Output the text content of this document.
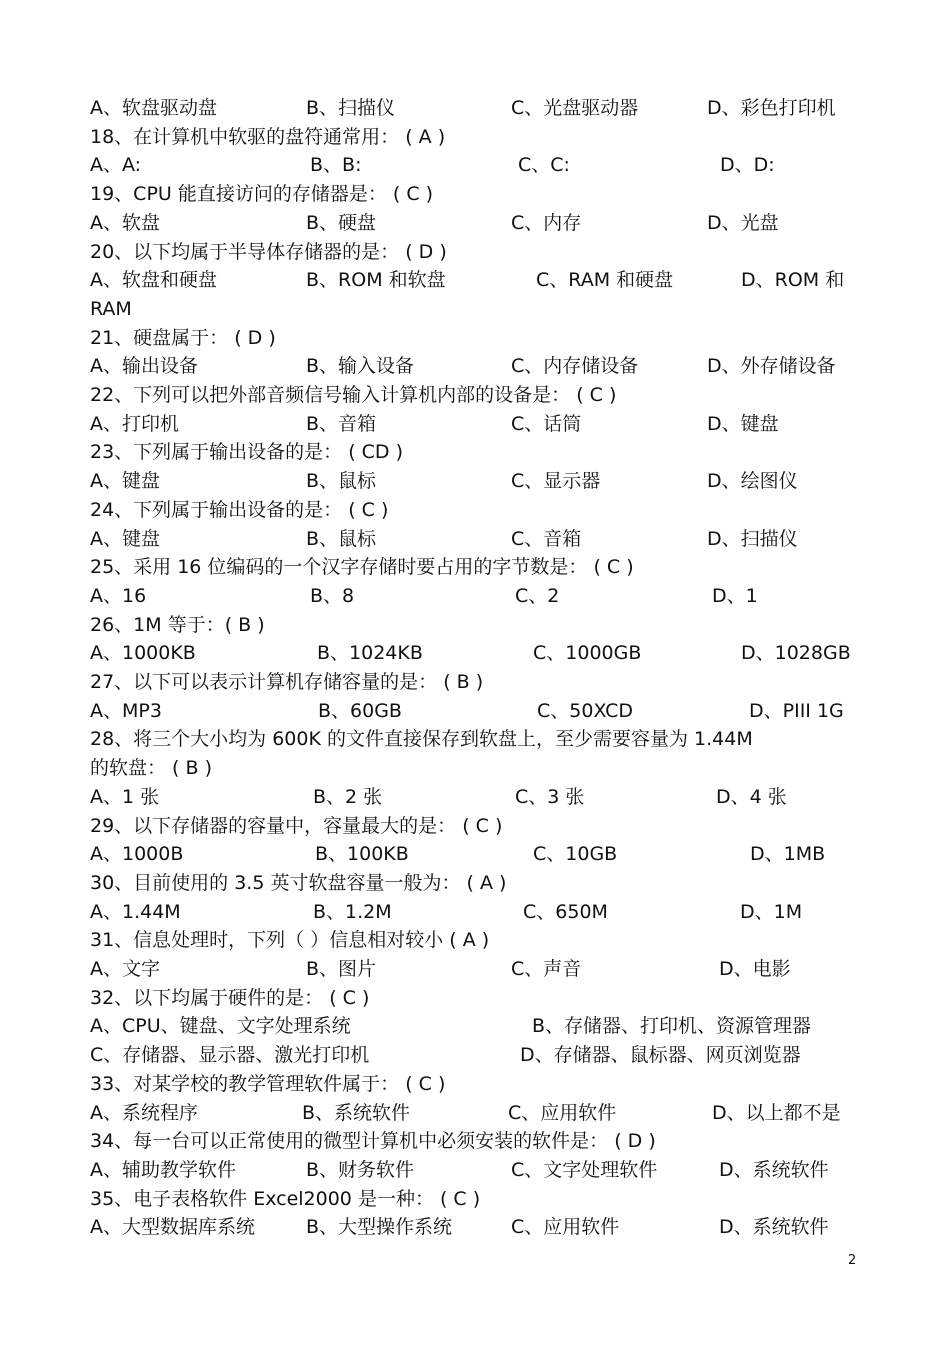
A、软盘驱动盘	B、扫描仪	C、光盘驱动器	D、彩色打印机
18、在计算机中软驱的盘符通常用： ( A )
A、A:	B、B:	C、C:	D、D:
19、CPU 能直接访问的存储器是： ( C )
A、软盘	B、硬盘	C、内存	D、光盘
20、以下均属于半导体存储器的是： ( D )
A、软盘和硬盘	B、ROM 和软盘	C、RAM 和硬盘	D、ROM 和
RAM
21、硬盘属于： ( D )
A、输出设备	B、输入设备	C、内存储设备	D、外存储设备
22、下列可以把外部音频信号输入计算机内部的设备是： ( C )
A、打印机	B、音箱	C、话筒	D、键盘
23、下列属于输出设备的是： ( CD )
A、键盘	B、鼠标	C、显示器	D、绘图仪
24、下列属于输出设备的是： ( C )
A、键盘	B、鼠标	C、音箱	D、扫描仪
25、采用 16 位编码的一个汉字存储时要占用的字节数是： ( C )
A、16	B、8	C、2	D、1
26、1M 等于：( B )
A、1000KB	B、1024KB	C、1000GB	D、1028GB
27、以下可以表示计算机存储容量的是： ( B )
A、MP3	B、60GB	C、50XCD	D、PIII 1G
28、将三个大小均为 600K 的文件直接保存到软盘上，至少需要容量为 1.44M
的软盘： ( B )
A、1 张	B、2 张	C、3 张	D、4 张
29、以下存储器的容量中，容量最大的是： ( C )
A、1000B	B、100KB	C、10GB	D、1MB
30、目前使用的 3.5 英寸软盘容量一般为： ( A )
A、1.44M	B、1.2M	C、650M	D、1M
31、信息处理时，下列（ ）信息相对较小 ( A )
A、文字	B、图片	C、声音	D、电影
32、以下均属于硬件的是： ( C )
A、CPU、键盘、文字处理系统	B、存储器、打印机、资源管理器
C、存储器、显示器、激光打印机	D、存储器、鼠标器、网页浏览器
33、对某学校的教学管理软件属于： ( C )
A、系统程序	B、系统软件	C、应用软件	D、以上都不是
34、每一台可以正常使用的微型计算机中必须安装的软件是： ( D )
A、辅助教学软件	B、财务软件	C、文字处理软件	D、系统软件
35、电子表格软件 Excel2000 是一种： ( C )
A、大型数据库系统	B、大型操作系统	C、应用软件	D、系统软件
2
